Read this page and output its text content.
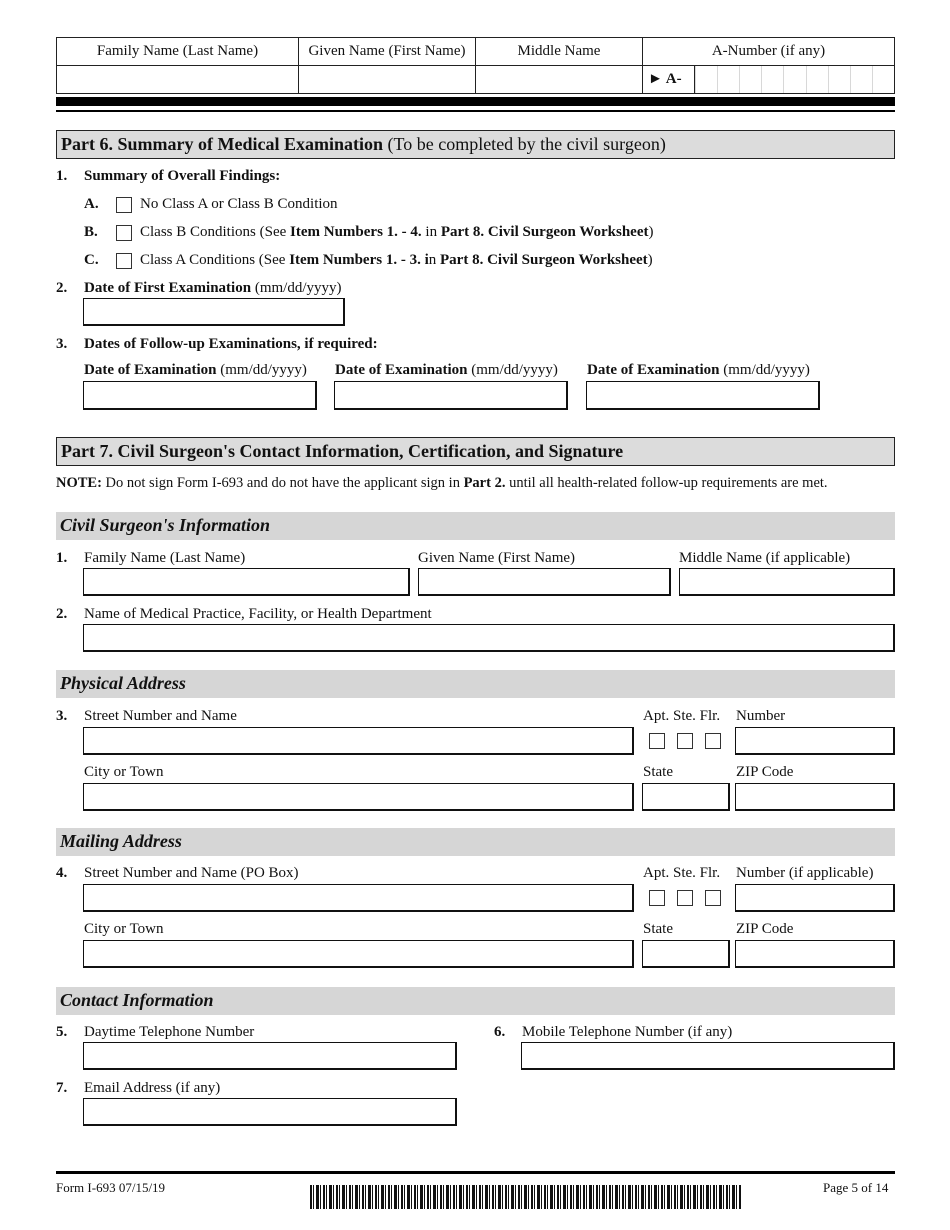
Family Name (Last Name)	Given Name (First Name)	Middle Name	A-Number (if any)

			► A-
Part 6. Summary of Medical Examination (To be completed by the civil surgeon)
1. Summary of Overall Findings:
A.	No Class A or Class B Condition
B.	Class B Conditions (See Item Numbers 1. - 4. in Part 8. Civil Surgeon Worksheet)
C.	Class A Conditions (See Item Numbers 1. - 3. in Part 8. Civil Surgeon Worksheet)
2. Date of First Examination (mm/dd/yyyy)
3. Dates of Follow-up Examinations, if required:
Date of Examination (mm/dd/yyyy) Date of Examination (mm/dd/yyyy) Date of Examination (mm/dd/yyyy)
Part 7. Civil Surgeon's Contact Information, Certification, and Signature
NOTE: Do not sign Form I-693 and do not have the applicant sign in Part 2. until all health-related follow-up requirements are met.
Civil Surgeon's Information
1. Family Name (Last Name)	Given Name (First Name)	Middle Name (if applicable)
2. Name of Medical Practice, Facility, or Health Department
Physical Address
3. Street Number and Name	Apt. Ste. Flr. Number
City or Town	State	ZIP Code
Mailing Address
4. Street Number and Name (PO Box)	Apt. Ste. Flr. Number (if applicable)
City or Town	State	ZIP Code
Contact Information
5. Daytime Telephone Number	6. Mobile Telephone Number (if any)
7. Email Address (if any)
Form I-693 07/15/19	Page 5 of 14
